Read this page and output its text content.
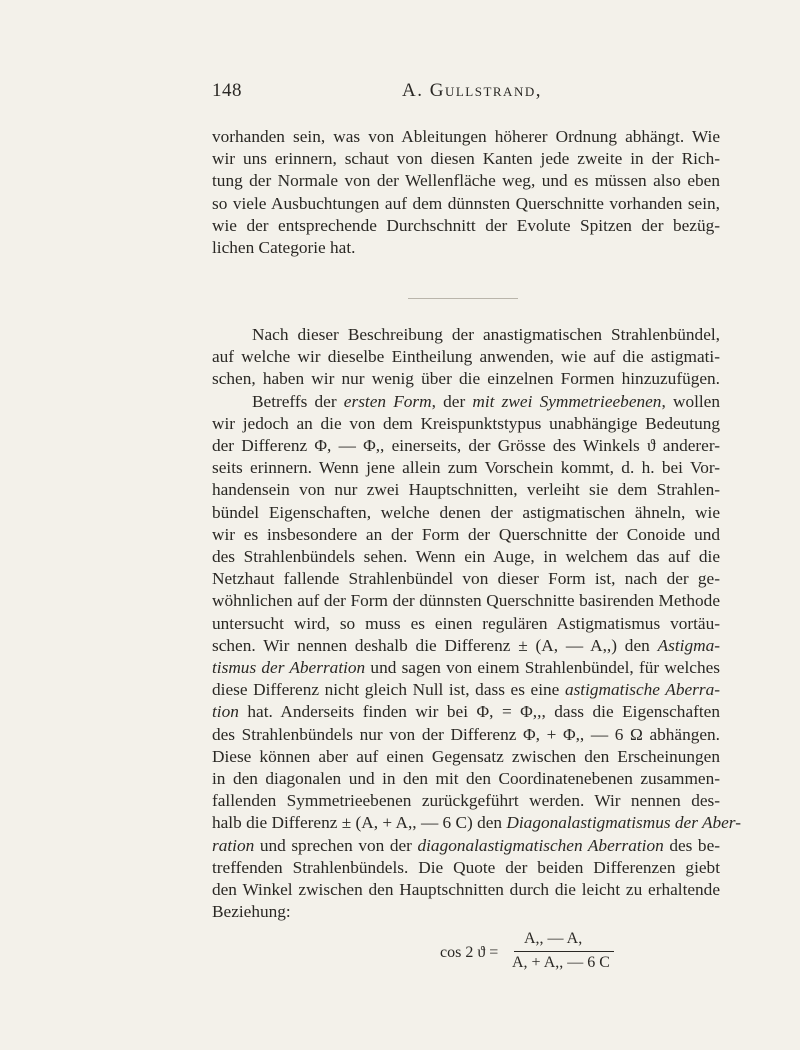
148	A. Gullstrand,
vorhanden sein, was von Ableitungen höherer Ordnung abhängt. Wie
wir uns erinnern, schaut von diesen Kanten jede zweite in der Rich-
tung der Normale von der Wellenfläche weg, und es müssen also eben
so viele Ausbuchtungen auf dem dünnsten Querschnitte vorhanden sein,
wie der entsprechende Durchschnitt der Evolute Spitzen der bezüg-
lichen Categorie hat.
Nach dieser Beschreibung der anastigmatischen Strahlenbündel,
auf welche wir dieselbe Eintheilung anwenden, wie auf die astigmati-
schen, haben wir nur wenig über die einzelnen Formen hinzuzufügen.
Betreffs der ersten Form, der mit zwei Symmetrieebenen, wollen
wir jedoch an die von dem Kreispunktstypus unabhängige Bedeutung
der Differenz Φ, — Φ,, einerseits, der Grösse des Winkels ϑ anderer-
seits erinnern. Wenn jene allein zum Vorschein kommt, d. h. bei Vor-
handensein von nur zwei Hauptschnitten, verleiht sie dem Strahlen-
bündel Eigenschaften, welche denen der astigmatischen ähneln, wie
wir es insbesondere an der Form der Querschnitte der Conoide und
des Strahlenbündels sehen. Wenn ein Auge, in welchem das auf die
Netzhaut fallende Strahlenbündel von dieser Form ist, nach der ge-
wöhnlichen auf der Form der dünnsten Querschnitte basirenden Methode
untersucht wird, so muss es einen regulären Astigmatismus vortäu-
schen. Wir nennen deshalb die Differenz ± (A, — A,,) den Astigma-
tismus der Aberration und sagen von einem Strahlenbündel, für welches
diese Differenz nicht gleich Null ist, dass es eine astigmatische Aberra-
tion hat. Anderseits finden wir bei Φ, = Φ,,, dass die Eigenschaften
des Strahlenbündels nur von der Differenz Φ, + Φ,, — 6 Ω abhängen.
Diese können aber auf einen Gegensatz zwischen den Erscheinungen
in den diagonalen und in den mit den Coordinatenebenen zusammen-
fallenden Symmetrieebenen zurückgeführt werden. Wir nennen des-
halb die Differenz ± (A, + A,, — 6 C) den Diagonalastigmatismus der Aber-
ration und sprechen von der diagonalastigmatischen Aberration des be-
treffenden Strahlenbündels. Die Quote der beiden Differenzen giebt
den Winkel zwischen den Hauptschnitten durch die leicht zu erhaltende
Beziehung:
cos 2 ϑ =
A,, — A,
A, + A,, — 6 C
